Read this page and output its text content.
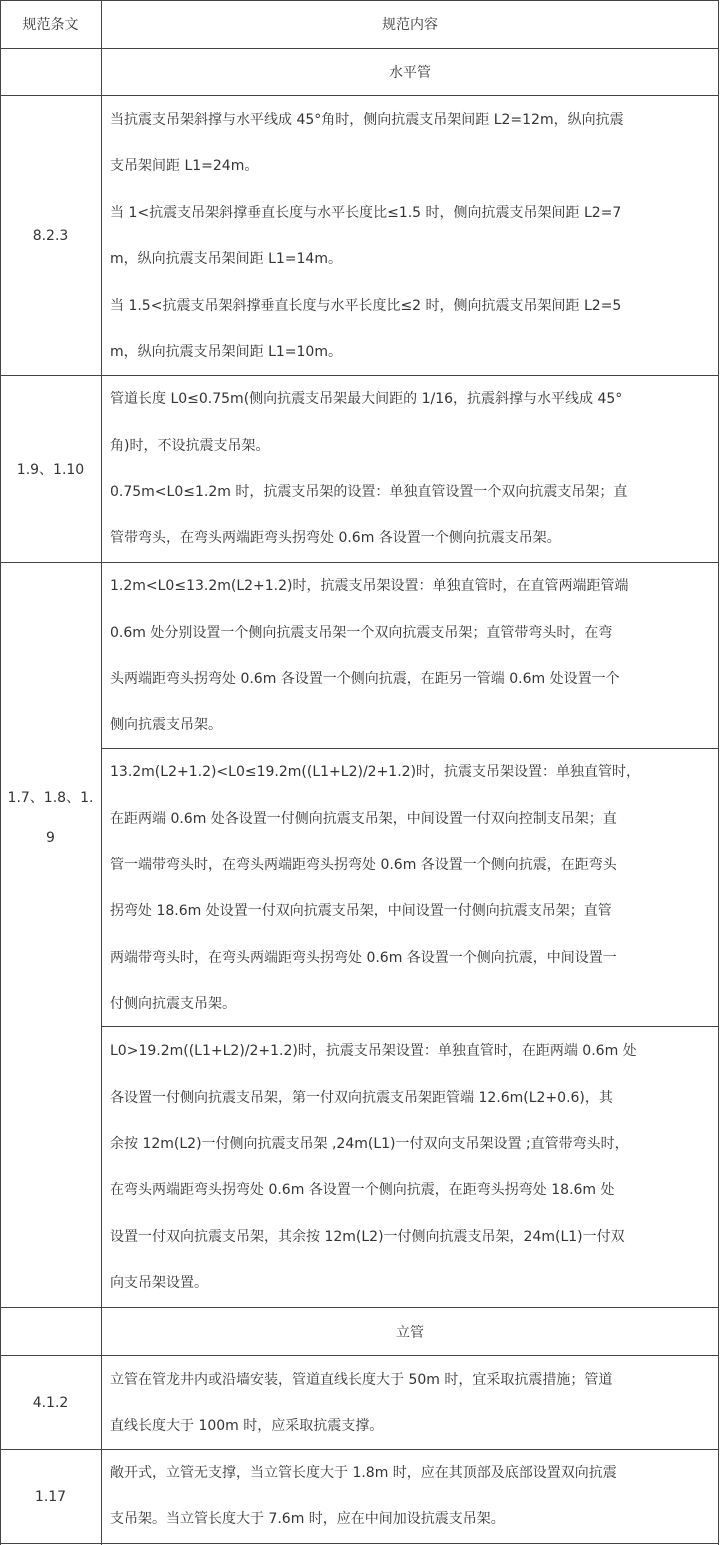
规范条文	规范内容
水平管
8.2.3
当抗震支吊架斜撑与水平线成 45°角时，侧向抗震支吊架间距 L2=12m，纵向抗震
支吊架间距 L1=24m。
当 1<抗震支吊架斜撑垂直长度与水平长度比≤1.5 时，侧向抗震支吊架间距 L2=7
m，纵向抗震支吊架间距 L1=14m。
当 1.5<抗震支吊架斜撑垂直长度与水平长度比≤2 时，侧向抗震支吊架间距 L2=5
m，纵向抗震支吊架间距 L1=10m。
1.9、1.10
管道长度 L0≤0.75m(侧向抗震支吊架最大间距的 1/16，抗震斜撑与水平线成 45°
角)时，不设抗震支吊架。
0.75m<L0≤1.2m 时，抗震支吊架的设置：单独直管设置一个双向抗震支吊架；直
管带弯头，在弯头两端距弯头拐弯处 0.6m 各设置一个侧向抗震支吊架。
1.7、1.8、1.
9
1.2m<L0≤13.2m(L2+1.2)时，抗震支吊架设置：单独直管时，在直管两端距管端
0.6m 处分别设置一个侧向抗震支吊架一个双向抗震支吊架；直管带弯头时，在弯
头两端距弯头拐弯处 0.6m 各设置一个侧向抗震，在距另一管端 0.6m 处设置一个
侧向抗震支吊架。
13.2m(L2+1.2)<L0≤19.2m((L1+L2)/2+1.2)时，抗震支吊架设置：单独直管时，
在距两端 0.6m 处各设置一付侧向抗震支吊架，中间设置一付双向控制支吊架；直
管一端带弯头时，在弯头两端距弯头拐弯处 0.6m 各设置一个侧向抗震，在距弯头
拐弯处 18.6m 处设置一付双向抗震支吊架，中间设置一付侧向抗震支吊架；直管
两端带弯头时，在弯头两端距弯头拐弯处 0.6m 各设置一个侧向抗震，中间设置一
付侧向抗震支吊架。
L0>19.2m((L1+L2)/2+1.2)时，抗震支吊架设置：单独直管时，在距两端 0.6m 处
各设置一付侧向抗震支吊架，第一付双向抗震支吊架距管端 12.6m(L2+0.6)，其
余按 12m(L2)一付侧向抗震支吊架 ,24m(L1)一付双向支吊架设置 ;直管带弯头时，
在弯头两端距弯头拐弯处 0.6m 各设置一个侧向抗震，在距弯头拐弯处 18.6m 处
设置一付双向抗震支吊架，其余按 12m(L2)一付侧向抗震支吊架，24m(L1)一付双
向支吊架设置。
立管
4.1.2
立管在管龙井内或沿墙安装，管道直线长度大于 50m 时，宜采取抗震措施；管道
直线长度大于 100m 时，应采取抗震支撑。
1.17
敞开式，立管无支撑，当立管长度大于 1.8m 时，应在其顶部及底部设置双向抗震
支吊架。当立管长度大于 7.6m 时，应在中间加设抗震支吊架。
